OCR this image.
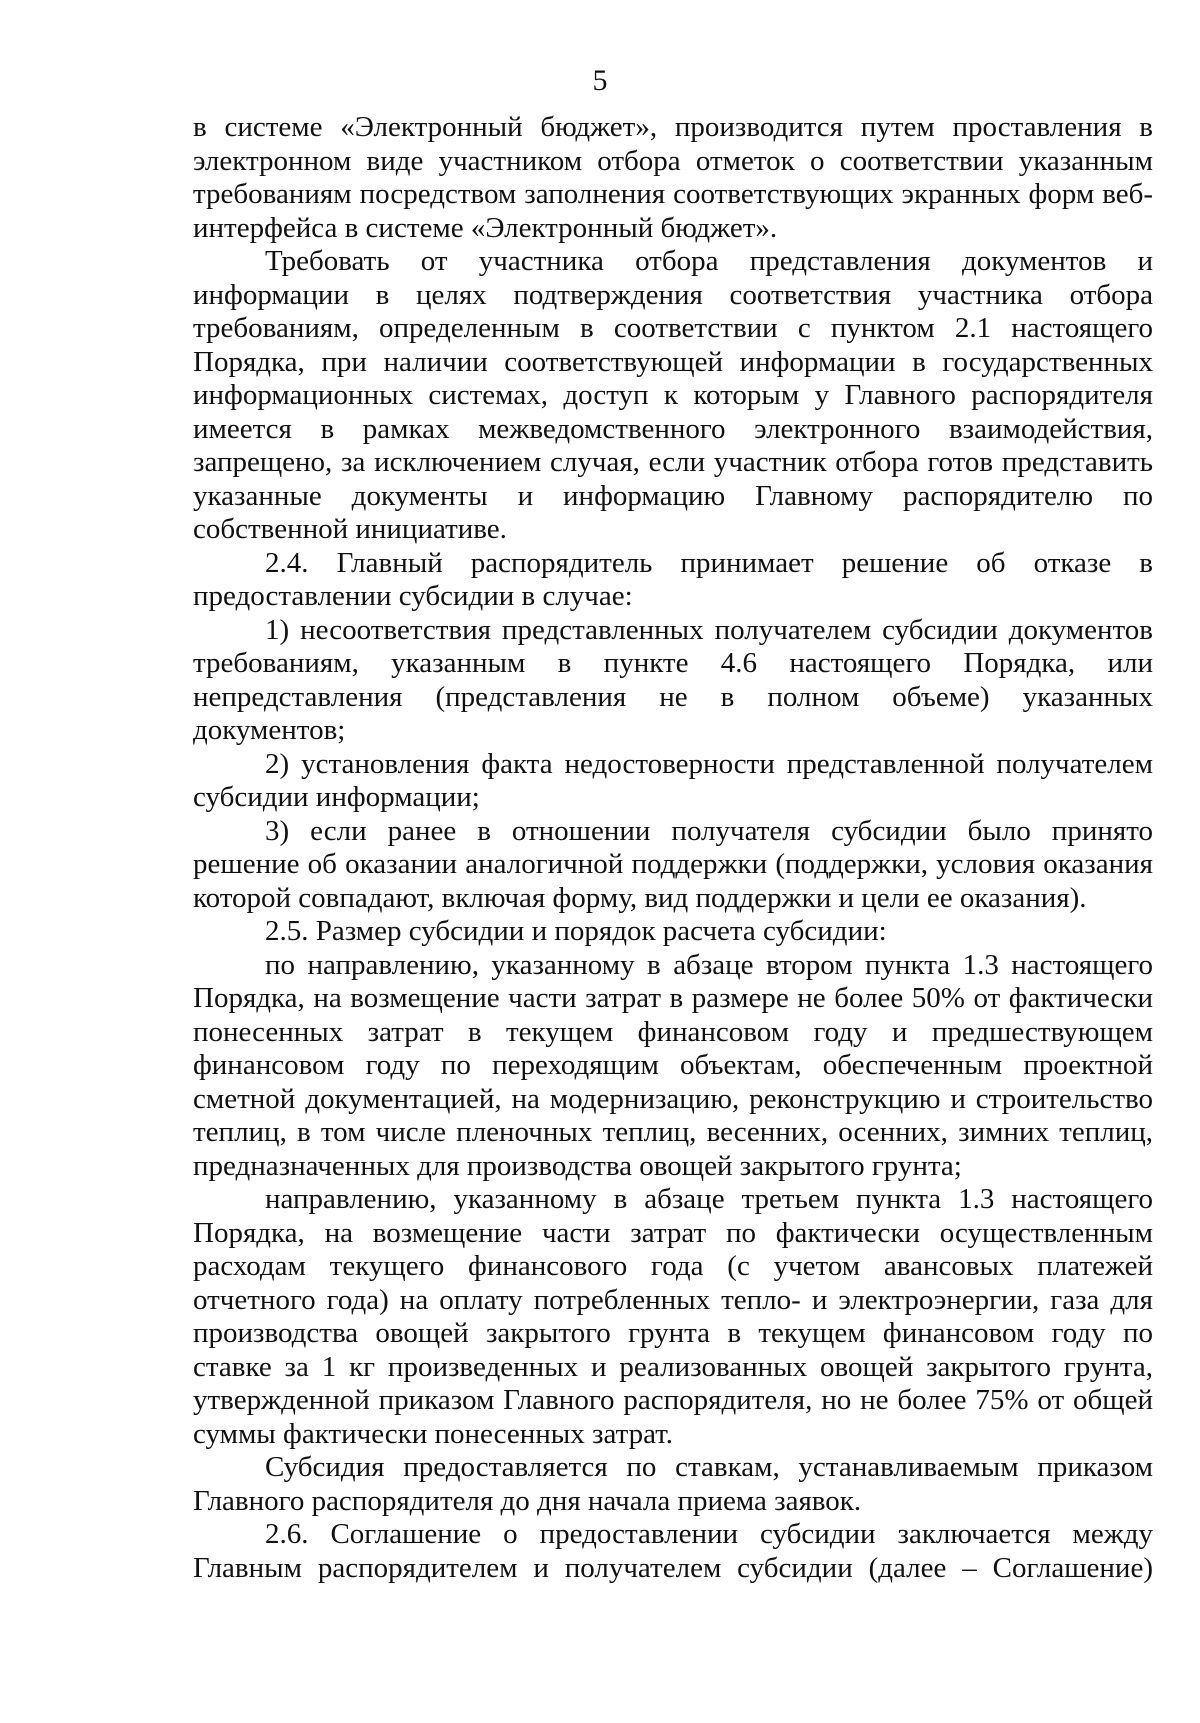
5

в системе «Электронный бюджет», производится путем проставления в электронном виде участником отбора отметок о соответствии указанным требованиям посредством заполнения соответствующих экранных форм веб-интерфейса в системе «Электронный бюджет».

Требовать от участника отбора представления документов и информации в целях подтверждения соответствия участника отбора требованиям, определенным в соответствии с пунктом 2.1 настоящего Порядка, при наличии соответствующей информации в государственных информационных системах, доступ к которым у Главного распорядителя имеется в рамках межведомственного электронного взаимодействия, запрещено, за исключением случая, если участник отбора готов представить указанные документы и информацию Главному распорядителю по собственной инициативе.

2.4. Главный распорядитель принимает решение об отказе в предоставлении субсидии в случае:

1) несоответствия представленных получателем субсидии документов требованиям, указанным в пункте 4.6 настоящего Порядка, или непредставления (представления не в полном объеме) указанных документов;

2) установления факта недостоверности представленной получателем субсидии информации;

3) если ранее в отношении получателя субсидии было принято решение об оказании аналогичной поддержки (поддержки, условия оказания которой совпадают, включая форму, вид поддержки и цели ее оказания).

2.5. Размер субсидии и порядок расчета субсидии:

по направлению, указанному в абзаце втором пункта 1.3 настоящего Порядка, на возмещение части затрат в размере не более 50% от фактически понесенных затрат в текущем финансовом году и предшествующем финансовом году по переходящим объектам, обеспеченным проектной сметной документацией, на модернизацию, реконструкцию и строительство теплиц, в том числе пленочных теплиц, весенних, осенних, зимних теплиц, предназначенных для производства овощей закрытого грунта;

направлению, указанному в абзаце третьем пункта 1.3 настоящего Порядка, на возмещение части затрат по фактически осуществленным расходам текущего финансового года (с учетом авансовых платежей отчетного года) на оплату потребленных тепло- и электроэнергии, газа для производства овощей закрытого грунта в текущем финансовом году по ставке за 1 кг произведенных и реализованных овощей закрытого грунта, утвержденной приказом Главного распорядителя, но не более 75% от общей суммы фактически понесенных затрат.

Субсидия предоставляется по ставкам, устанавливаемым приказом Главного распорядителя до дня начала приема заявок.

2.6. Соглашение о предоставлении субсидии заключается между Главным распорядителем и получателем субсидии (далее – Соглашение)
